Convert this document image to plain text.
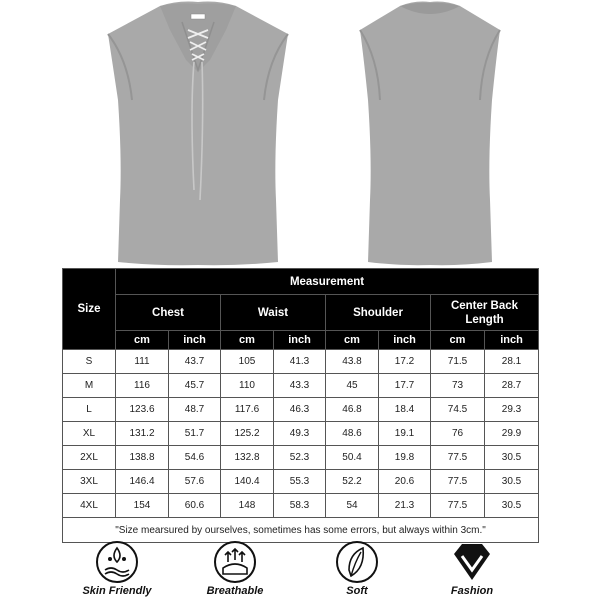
Size	Measurement							
	Chest		Waist		Shoulder		Center Back Length	
	cm	inch	cm	inch	cm	inch	cm	inch
S	111	43.7	105	41.3	43.8	17.2	71.5	28.1
M	116	45.7	110	43.3	45	17.7	73	28.7
L	123.6	48.7	117.6	46.3	46.8	18.4	74.5	29.3
XL	131.2	51.7	125.2	49.3	48.6	19.1	76	29.9
2XL	138.8	54.6	132.8	52.3	50.4	19.8	77.5	30.5
3XL	146.4	57.6	140.4	55.3	52.2	20.6	77.5	30.5
4XL	154	60.6	148	58.3	54	21.3	77.5	30.5
"Size mearsured by ourselves, sometimes has some errors, but always within 3cm."								
Skin Friendly	Breathable	Soft	Fashion
